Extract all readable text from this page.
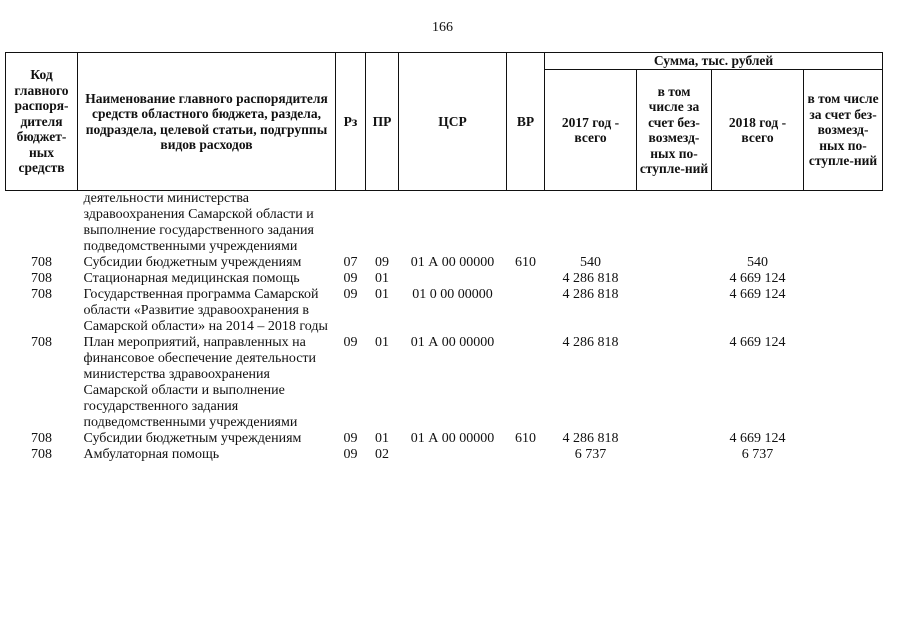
166
Код главного распоря-дителя бюджет-ных средств	Наименование главного распорядителя средств областного бюджета, раздела, подраздела, целевой статьи, подгруппы видов расходов	Рз	ПР	ЦСР	ВР	Сумма, тыс. рублей			
						2017 год - всего	в том числе за счет без-возмезд-ных по-ступле-ний	2018 год - всего	в том числе за счет без-возмезд-ных по-ступле-ний
	деятельности министерства здравоохранения Самарской области и выполнение государственного задания подведомственными учреждениями								
708	Субсидии бюджетным учреждениям	07	09	01 А 00 00000	610	540		540	
708	Стационарная медицинская помощь	09	01			4 286 818		4 669 124	
708	Государственная программа Самарской области «Развитие здравоохранения в Самарской области» на 2014 – 2018 годы	09	01	01 0 00 00000		4 286 818		4 669 124	
708	План мероприятий, направленных на финансовое обеспечение деятельности министерства здравоохранения Самарской области и выполнение государственного задания подведомственными учреждениями	09	01	01 А 00 00000		4 286 818		4 669 124	
708	Субсидии бюджетным учреждениям	09	01	01 А 00 00000	610	4 286 818		4 669 124	
708	Амбулаторная помощь	09	02			6 737		6 737	
